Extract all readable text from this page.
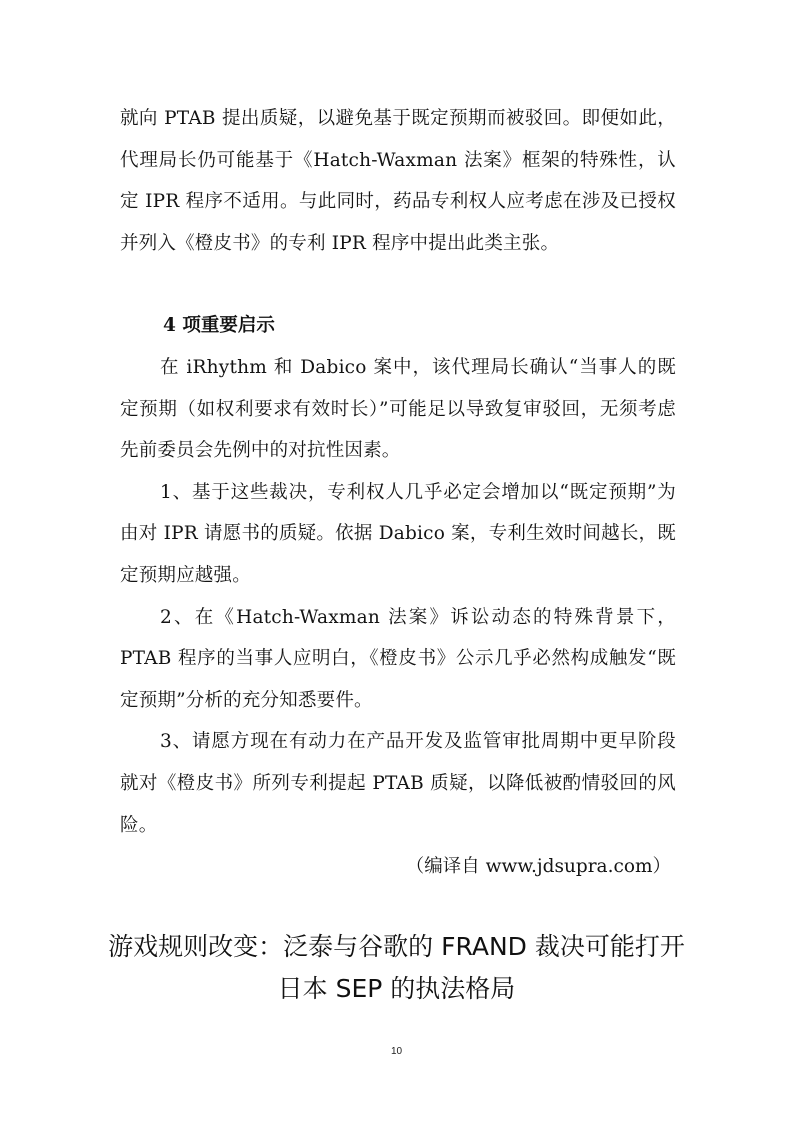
就向 PTAB 提出质疑，以避免基于既定预期而被驳回。即便如此，代理局长仍可能基于《Hatch-Waxman 法案》框架的特殊性，认定 IPR 程序不适用。与此同时，药品专利权人应考虑在涉及已授权并列入《橙皮书》的专利 IPR 程序中提出此类主张。

4 项重要启示

在 iRhythm 和 Dabico 案中，该代理局长确认“当事人的既定预期（如权利要求有效时长）”可能足以导致复审驳回，无须考虑先前委员会先例中的对抗性因素。

1、基于这些裁决，专利权人几乎必定会增加以“既定预期”为由对 IPR 请愿书的质疑。依据 Dabico 案，专利生效时间越长，既定预期应越强。

2、在《Hatch-Waxman 法案》诉讼动态的特殊背景下，PTAB 程序的当事人应明白，《橙皮书》公示几乎必然构成触发“既定预期”分析的充分知悉要件。

3、请愿方现在有动力在产品开发及监管审批周期中更早阶段就对《橙皮书》所列专利提起 PTAB 质疑，以降低被酌情驳回的风险。

（编译自 www.jdsupra.com）
游戏规则改变：泛泰与谷歌的 FRAND 裁决可能打开
日本 SEP 的执法格局
10
